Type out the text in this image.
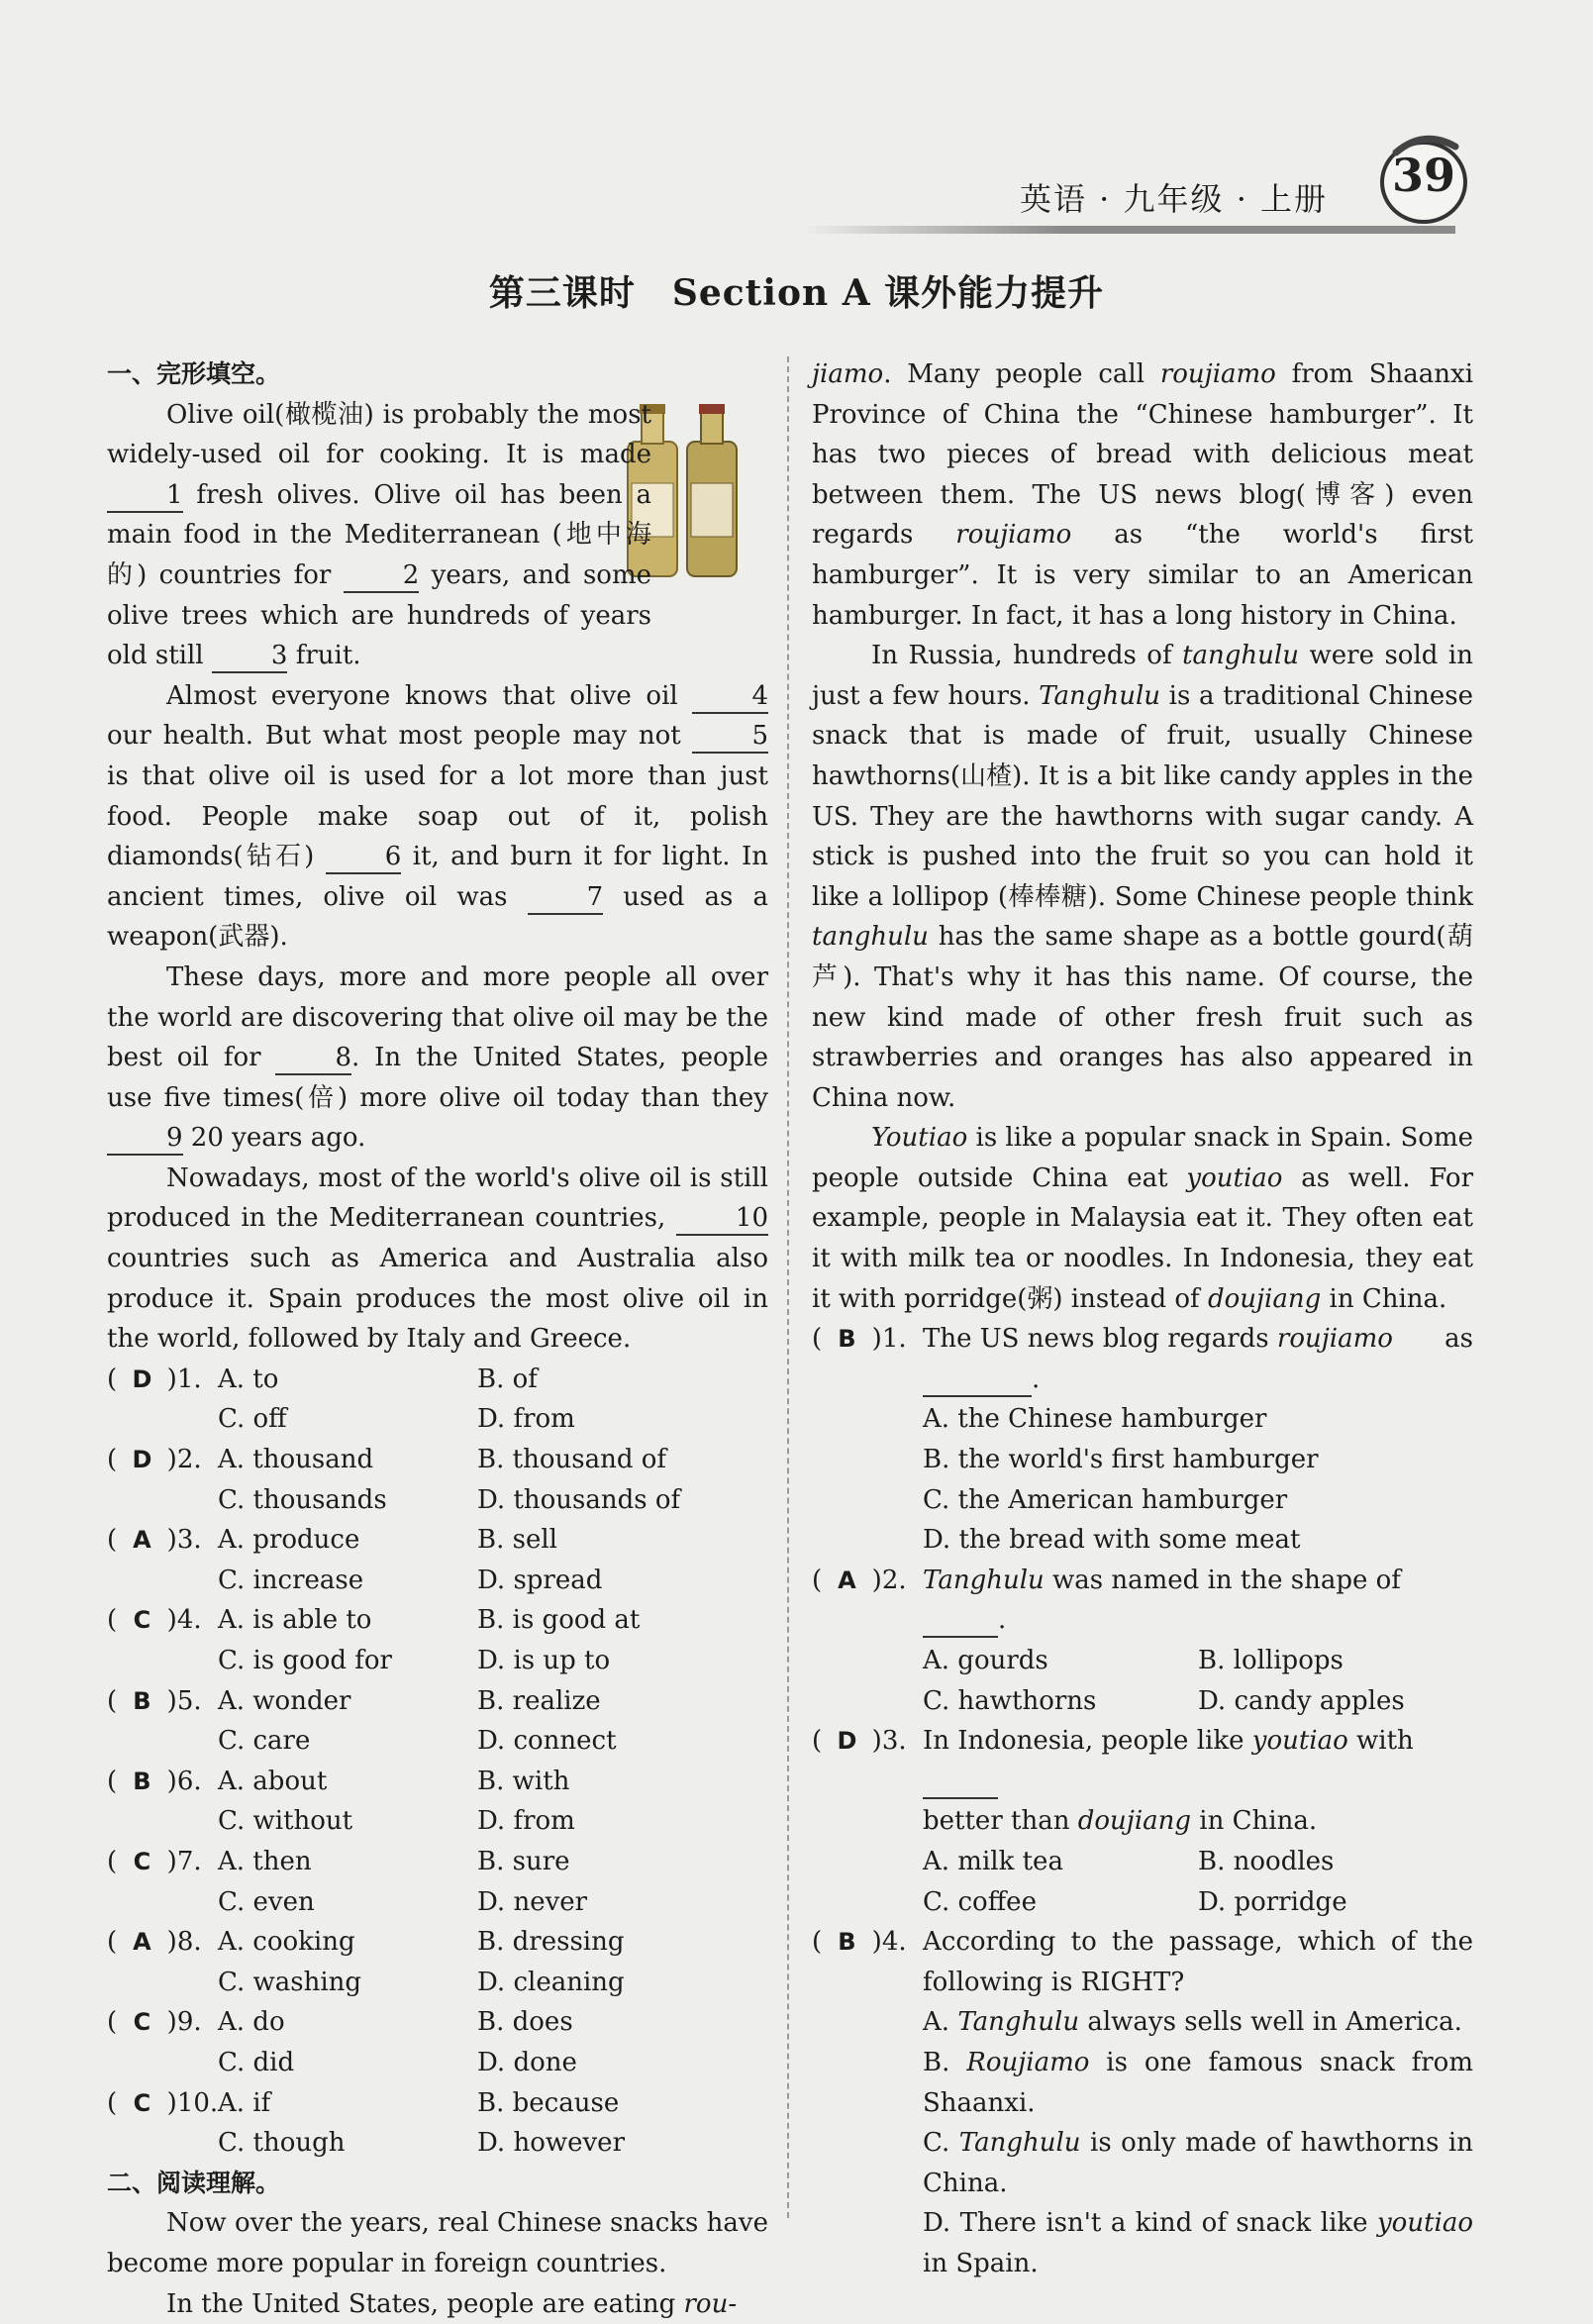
英语 · 九年级 · 上册	39
第三课时　Section A 课外能力提升
一、完形填空。

Olive oil(橄榄油) is probably the most widely-used oil for cooking. It is made 1 fresh olives. Olive oil has been a main food in the Mediterranean (地中海的) countries for 2 years, and some olive trees which are hundreds of years old still 3 fruit.

Almost everyone knows that olive oil 4 our health. But what most people may not 5 is that olive oil is used for a lot more than just food. People make soap out of it, polish diamonds(钻石) 6 it, and burn it for light. In ancient times, olive oil was 7 used as a weapon(武器).

These days, more and more people all over the world are discovering that olive oil may be the best oil for 8. In the United States, people use five times(倍) more olive oil today than they 9 20 years ago.

Nowadays, most of the world's olive oil is still produced in the Mediterranean countries, 10 countries such as America and Australia also produce it. Spain produces the most olive oil in the world, followed by Italy and Greece.

( D )1. A. to	B. of
C. off	D. from
( D )2. A. thousand	B. thousand of
C. thousands	D. thousands of
( A )3. A. produce	B. sell
C. increase	D. spread
( C )4. A. is able to	B. is good at
C. is good for	D. is up to
( B )5. A. wonder	B. realize
C. care	D. connect
( B )6. A. about	B. with
C. without	D. from
( C )7. A. then	B. sure
C. even	D. never
( A )8. A. cooking	B. dressing
C. washing	D. cleaning
( C )9. A. do	B. does
C. did	D. done
( C )10. A. if	B. because
C. though	D. however
二、阅读理解。

Now over the years, real Chinese snacks have become more popular in foreign countries.

In the United States, people are eating rou-

jiamo. Many people call roujiamo from Shaanxi Province of China the “Chinese hamburger”. It has two pieces of bread with delicious meat between them. The US news blog(博客) even regards roujiamo as “the world's first hamburger”. It is very similar to an American hamburger. In fact, it has a long history in China.

In Russia, hundreds of tanghulu were sold in just a few hours. Tanghulu is a traditional Chinese snack that is made of fruit, usually Chinese hawthorns(山楂). It is a bit like candy apples in the US. They are the hawthorns with sugar candy. A stick is pushed into the fruit so you can hold it like a lollipop (棒棒糖). Some Chinese people think tanghulu has the same shape as a bottle gourd(葫芦). That's why it has this name. Of course, the new kind made of other fresh fruit such as strawberries and oranges has also appeared in China now.

Youtiao is like a popular snack in Spain. Some people outside China eat youtiao as well. For example, people in Malaysia eat it. They often eat it with milk tea or noodles. In Indonesia, they eat it with porridge(粥) instead of doujiang in China.

( B )1. The US news blog regards roujiamo as
.
A. the Chinese hamburger
B. the world's first hamburger
C. the American hamburger
D. the bread with some meat
( A )2. Tanghulu was named in the shape of .
A. gourds	B. lollipops
C. hawthorns	D. candy apples
( D )3. In Indonesia, people like youtiao with
better than doujiang in China.
A. milk tea	B. noodles
C. coffee	D. porridge
( B )4. According to the passage, which of the following is RIGHT?
A. Tanghulu always sells well in America.
B. Roujiamo is one famous snack from Shaanxi.
C. Tanghulu is only made of hawthorns in China.
D. There isn't a kind of snack like youtiao in Spain.
